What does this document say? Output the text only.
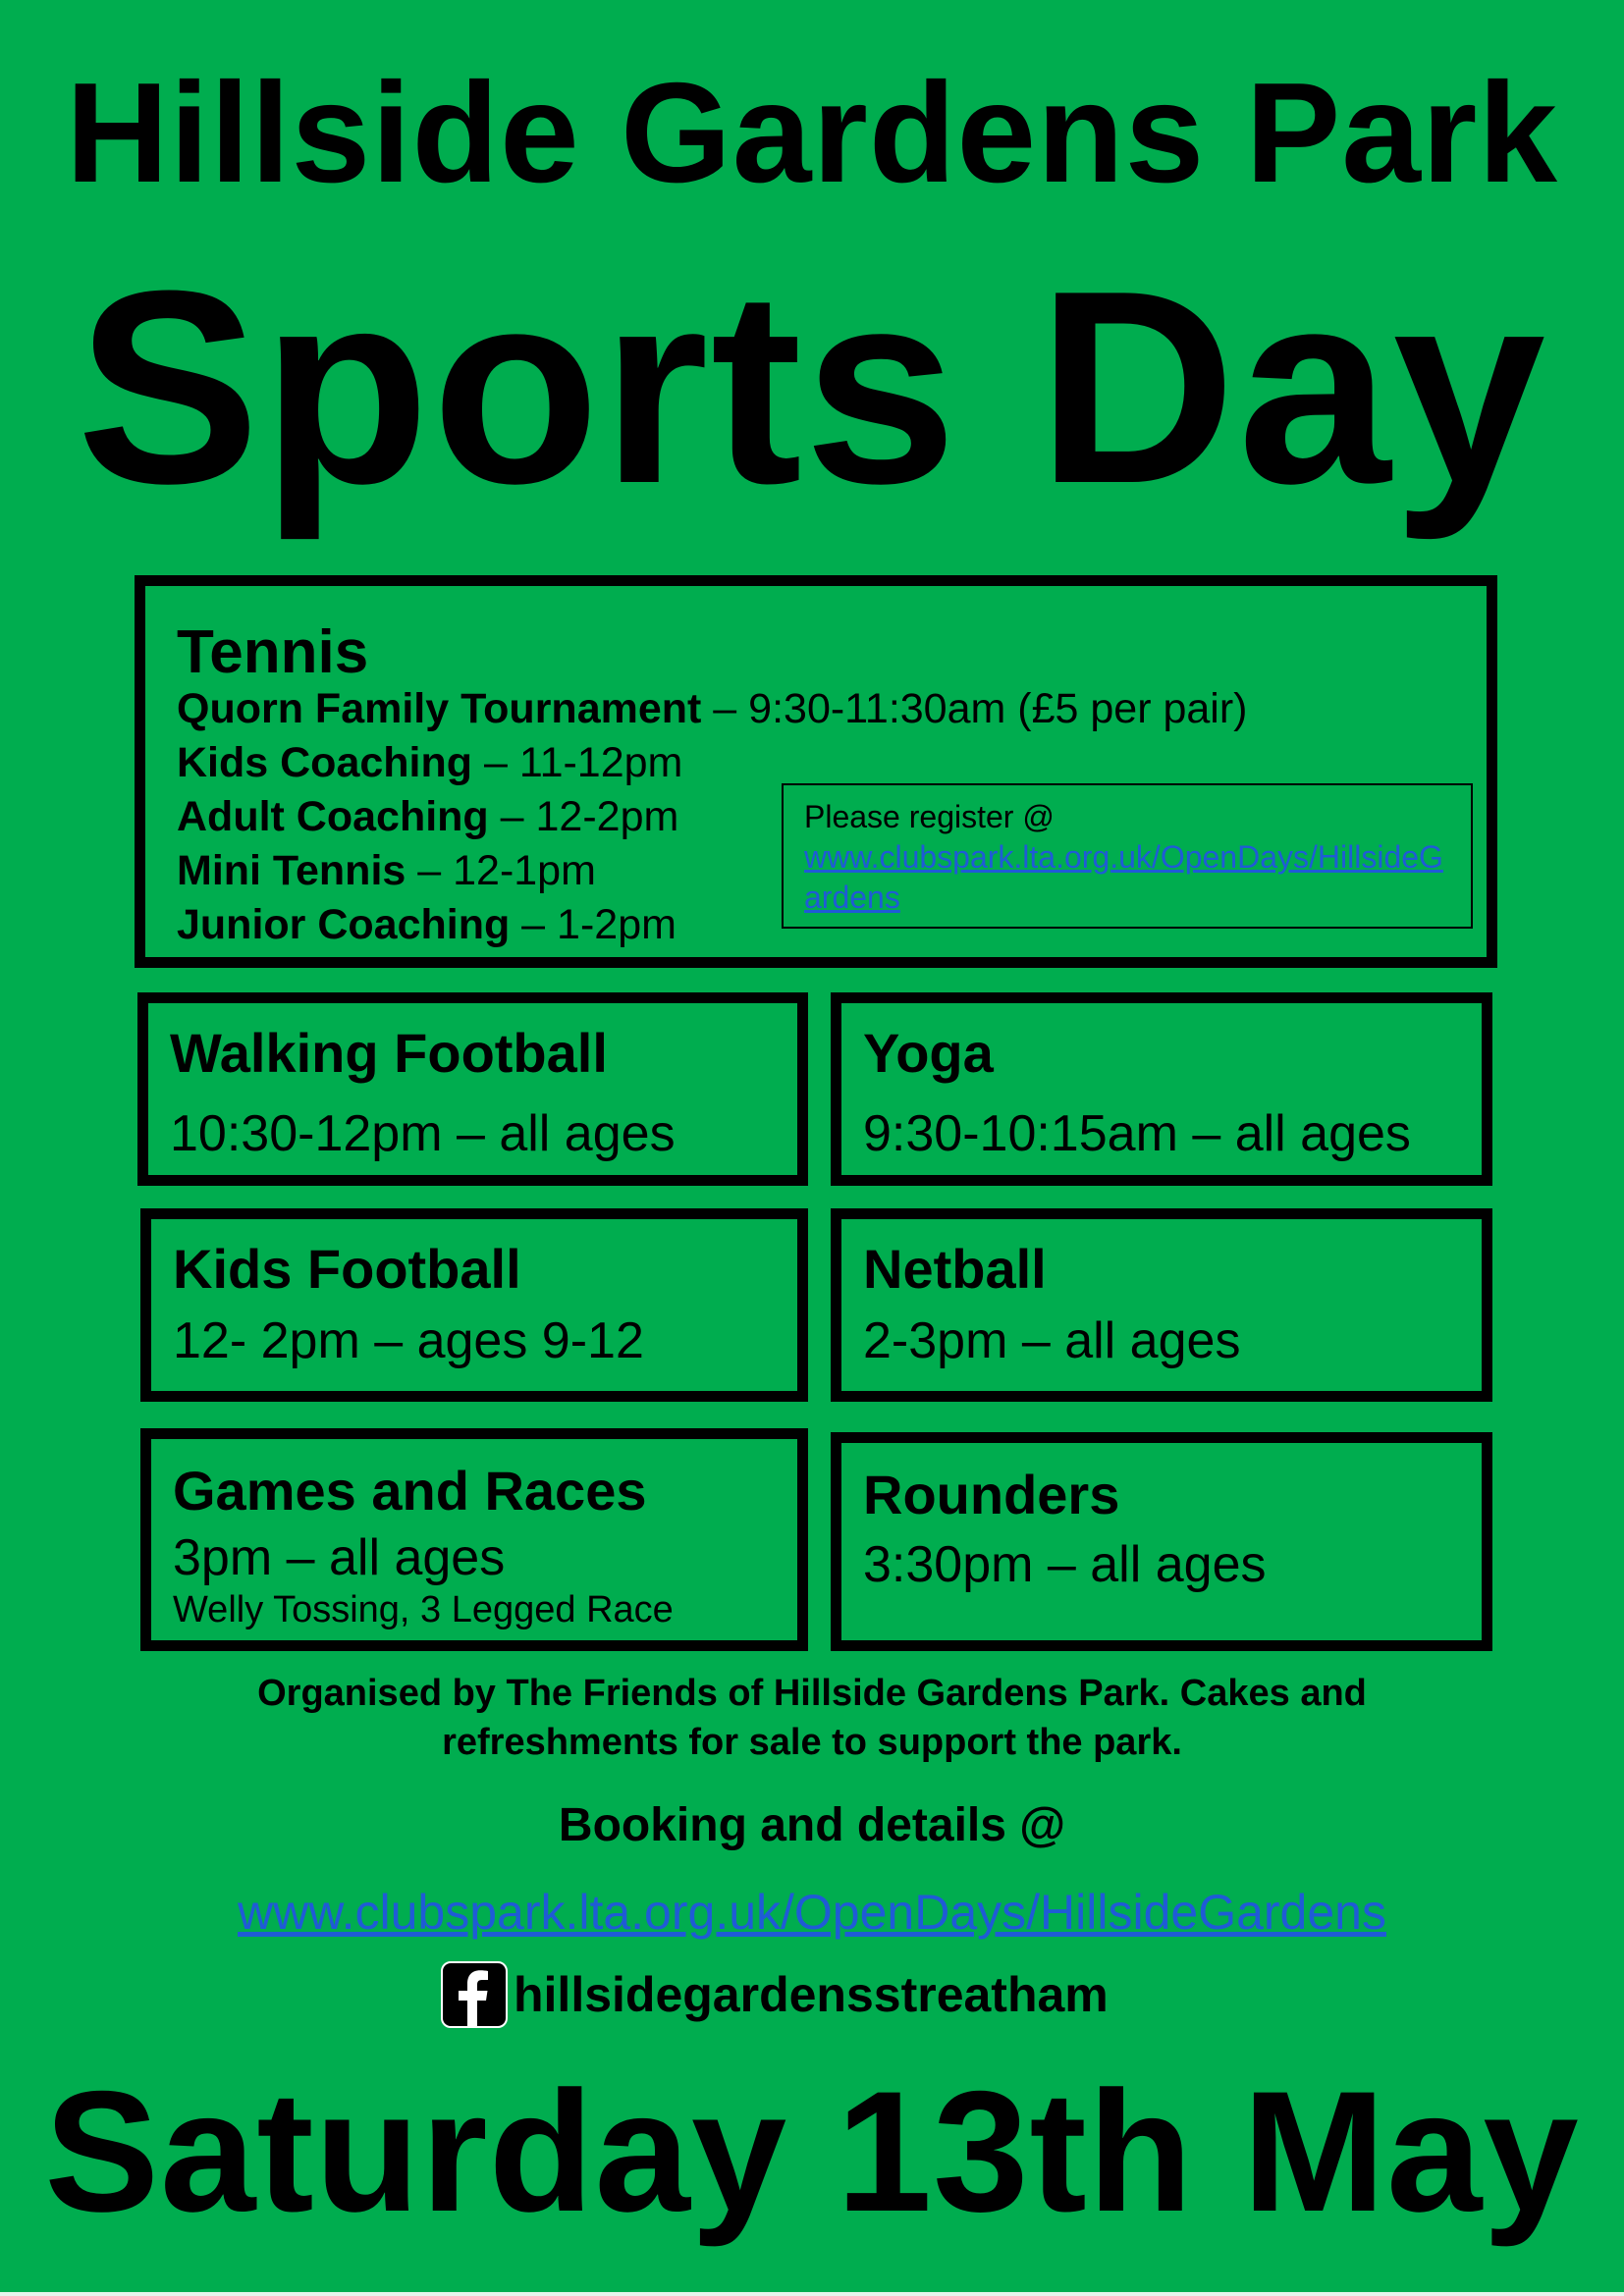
Hillside Gardens Park
Sports Day
Tennis
Quorn Family Tournament – 9:30-11:30am (£5 per pair)
Kids Coaching – 11-12pm
Adult Coaching – 12-2pm
Mini Tennis – 12-1pm
Junior Coaching – 1-2pm
Please register @
www.clubspark.lta.org.uk/OpenDays/HillsideGardens
Walking Football
10:30-12pm – all ages
Yoga
9:30-10:15am – all ages
Kids Football
12- 2pm – ages 9-12
Netball
2-3pm – all ages
Games and Races
3pm – all ages
Welly Tossing, 3 Legged Race
Rounders
3:30pm – all ages
Organised by The Friends of Hillside Gardens Park. Cakes and
refreshments for sale to support the park.
Booking and details @
www.clubspark.lta.org.uk/OpenDays/HillsideGardens
hillsidegardensstreatham
Saturday 13th May
